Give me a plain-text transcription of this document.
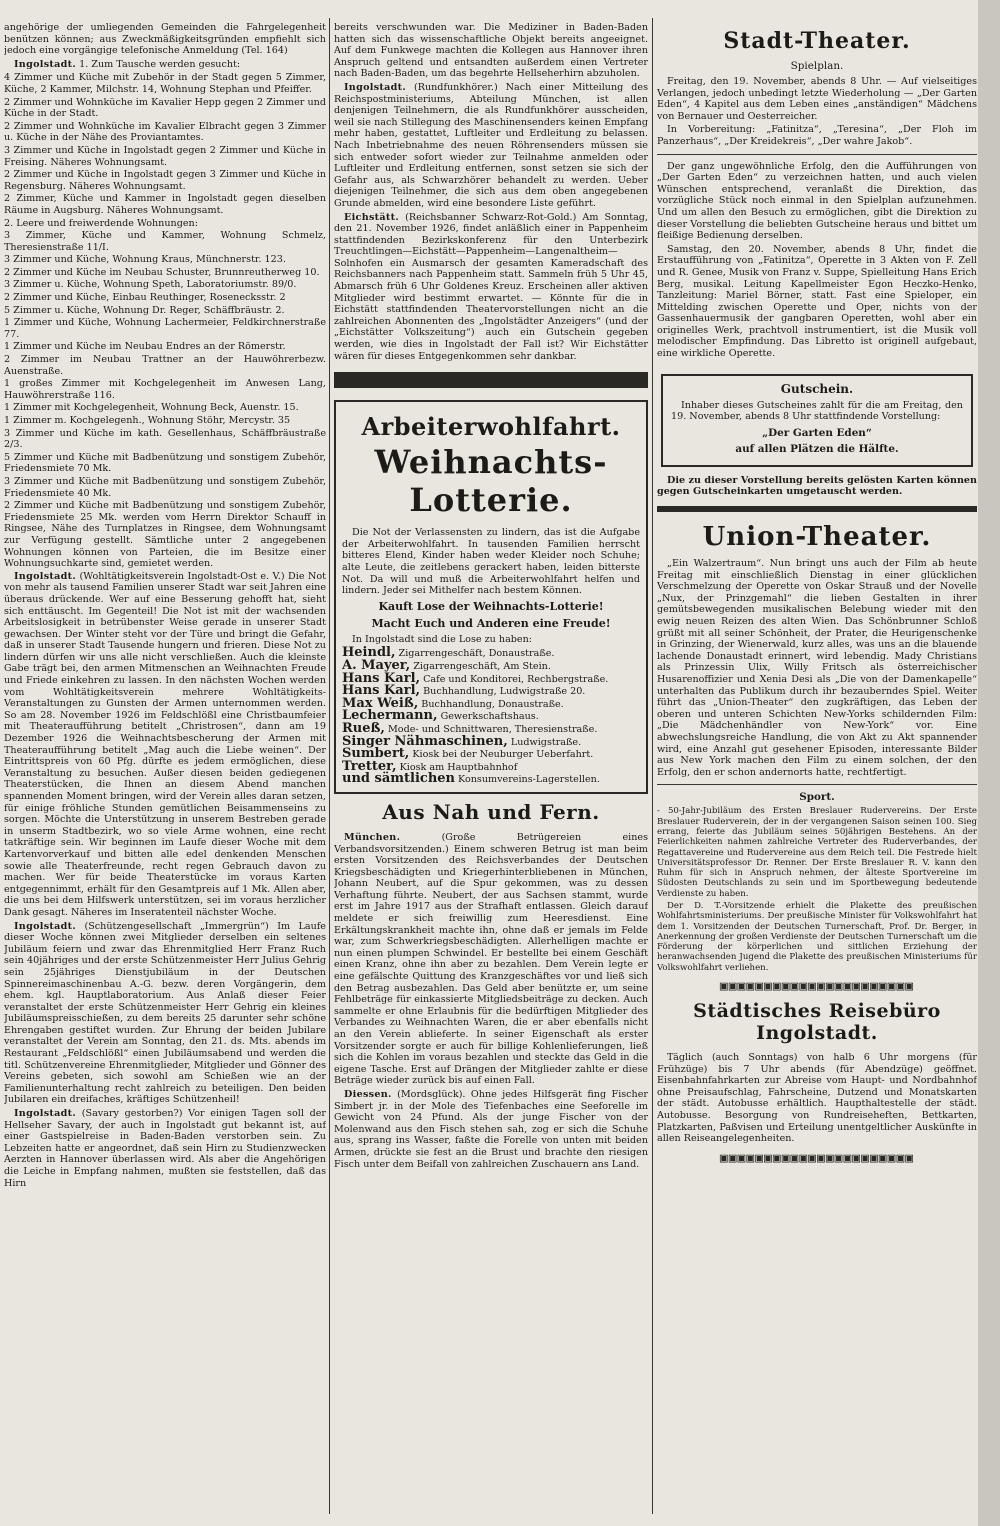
angehörige der umliegenden Gemeinden die Fahrgelegenheit benützen können; aus Zweckmäßigkeitsgründen empfiehlt sich jedoch eine vorgängige telefonische Anmeldung (Tel. 164)

Ingolstadt. 1. Zum Tausche werden gesucht:

4 Zimmer und Küche mit Zubehör in der Stadt gegen 5 Zimmer, Küche, 2 Kammer, Milchstr. 14, Wohnung Stephan und Pfeiffer.

2 Zimmer und Wohnküche im Kavalier Hepp gegen 2 Zimmer und Küche in der Stadt.

2 Zimmer und Wohnküche im Kavalier Elbracht gegen 3 Zimmer u. Küche in der Nähe des Proviantamtes.

3 Zimmer und Küche in Ingolstadt gegen 2 Zimmer und Küche in Freising. Näheres Wohnungsamt.

2 Zimmer und Küche in Ingolstadt gegen 3 Zimmer und Küche in Regensburg. Näheres Wohnungsamt.

2 Zimmer, Küche und Kammer in Ingolstadt gegen dieselben Räume in Augsburg. Näheres Wohnungsamt.

2. Leere und freiwerdende Wohnungen:

3 Zimmer, Küche und Kammer, Wohnung Schmelz, Theresienstraße 11/I.

3 Zimmer und Küche, Wohnung Kraus, Münchnerstr. 123.

2 Zimmer und Küche im Neubau Schuster, Brunnreutherweg 10.

3 Zimmer u. Küche, Wohnung Speth, Laboratoriumstr. 89/0.

2 Zimmer und Küche, Einbau Reuthinger, Rosenecksstr. 2

5 Zimmer u. Küche, Wohnung Dr. Reger, Schäffbräustr. 2.

1 Zimmer und Küche, Wohnung Lachermeier, Feldkirchnerstraße 77.

1 Zimmer und Küche im Neubau Endres an der Römerstr.

2 Zimmer im Neubau Trattner an der Hauwöhrerbezw. Auenstraße.

1 großes Zimmer mit Kochgelegenheit im Anwesen Lang, Hauwöhrerstraße 116.

1 Zimmer mit Kochgelegenheit, Wohnung Beck, Auenstr. 15.

1 Zimmer m. Kochgelegenh., Wohnung Stöhr, Mercystr. 35

3 Zimmer und Küche im kath. Gesellenhaus, Schäffbräustraße 2/3.

5 Zimmer und Küche mit Badbenützung und sonstigem Zubehör, Friedensmiete 70 Mk.

3 Zimmer und Küche mit Badbenützung und sonstigem Zubehör, Friedensmiete 40 Mk.

2 Zimmer und Küche mit Badbenützung und sonstigem Zubehör, Friedensmiete 25 Mk. werden vom Herrn Direktor Schauff in Ringsee, Nähe des Turnplatzes in Ringsee, dem Wohnungsamt zur Verfügung gestellt. Sämtliche unter 2 angegebenen Wohnungen können von Parteien, die im Besitze einer Wohnungsuchkarte sind, gemietet werden.

Ingolstadt. (Wohltätigkeitsverein Ingolstadt-Ost e. V.) Die Not von mehr als tausend Familien unserer Stadt war seit Jahren eine überaus drückende. Wer auf eine Besserung gehofft hat, sieht sich enttäuscht. Im Gegenteil! Die Not ist mit der wachsenden Arbeitslosigkeit in betrübenster Weise gerade in unserer Stadt gewachsen. Der Winter steht vor der Türe und bringt die Gefahr, daß in unserer Stadt Tausende hungern und frieren. Diese Not zu lindern dürfen wir uns alle nicht verschließen. Auch die kleinste Gabe trägt bei, den armen Mitmenschen an Weihnachten Freude und Friede einkehren zu lassen. In den nächsten Wochen werden vom Wohltätigkeitsverein mehrere Wohltätigkeits-Veranstaltungen zu Gunsten der Armen unternommen werden. So am 28. November 1926 im Feldschlößl eine Christbaumfeier mit Theateraufführung betitelt „Christrosen“, dann am 19 Dezember 1926 die Weihnachtsbescherung der Armen mit Theateraufführung betitelt „Mag auch die Liebe weinen“. Der Eintrittspreis von 60 Pfg. dürfte es jedem ermöglichen, diese Veranstaltung zu besuchen. Außer diesen beiden gediegenen Theaterstücken, die Ihnen an diesem Abend manchen spannenden Moment bringen, wird der Verein alles daran setzen, für einige fröhliche Stunden gemütlichen Beisammenseins zu sorgen. Möchte die Unterstützung in unserem Bestreben gerade in unserm Stadtbezirk, wo so viele Arme wohnen, eine recht tatkräftige sein. Wir beginnen im Laufe dieser Woche mit dem Kartenvorverkauf und bitten alle edel denkenden Menschen sowie alle Theaterfreunde, recht regen Gebrauch davon zu machen. Wer für beide Theaterstücke im voraus Karten entgegennimmt, erhält für den Gesamtpreis auf 1 Mk. Allen aber, die uns bei dem Hilfswerk unterstützen, sei im voraus herzlicher Dank gesagt. Näheres im Inseratenteil nächster Woche.

Ingolstadt. (Schützengesellschaft „Immergrün“) Im Laufe dieser Woche können zwei Mitglieder derselben ein seltenes Jubiläum feiern und zwar das Ehrenmitglied Herr Franz Ruch sein 40jähriges und der erste Schützenmeister Herr Julius Gehrig sein 25jähriges Dienstjubiläum in der Deutschen Spinnereimaschinenbau A.-G. bezw. deren Vorgängerin, dem ehem. kgl. Hauptlaboratorium. Aus Anlaß dieser Feier veranstaltet der erste Schützenmeister Herr Gehrig ein kleines Jubiläumspreisschießen, zu dem bereits 25 darunter sehr schöne Ehrengaben gestiftet wurden. Zur Ehrung der beiden Jubilare veranstaltet der Verein am Sonntag, den 21. ds. Mts. abends im Restaurant „Feldschlößl“ einen Jubiläumsabend und werden die titl. Schützenvereine Ehrenmitglieder, Mitglieder und Gönner des Vereins gebeten, sich sowohl am Schießen wie an der Familienunterhaltung recht zahlreich zu beteiligen. Den beiden Jubilaren ein dreifaches, kräftiges Schützenheil!

Ingolstadt. (Savary gestorben?) Vor einigen Tagen soll der Hellseher Savary, der auch in Ingolstadt gut bekannt ist, auf einer Gastspielreise in Baden-Baden verstorben sein. Zu Lebzeiten hatte er angeordnet, daß sein Hirn zu Studienzwecken Aerzten in Hannover überlassen wird. Als aber die Angehörigen die Leiche in Empfang nahmen, mußten sie feststellen, daß das Hirn

bereits verschwunden war. Die Mediziner in Baden-Baden hatten sich das wissenschaftliche Objekt bereits angeeignet. Auf dem Funkwege machten die Kollegen aus Hannover ihren Anspruch geltend und entsandten außerdem einen Vertreter nach Baden-Baden, um das begehrte Hellseherhirn abzuholen.

Ingolstadt. (Rundfunkhörer.) Nach einer Mitteilung des Reichspostministeriums, Abteilung München, ist allen denjenigen Teilnehmern, die als Rundfunkhörer ausscheiden, weil sie nach Stillegung des Maschinensenders keinen Empfang mehr haben, gestattet, Luftleiter und Erdleitung zu belassen. Nach Inbetriebnahme des neuen Röhrensenders müssen sie sich entweder sofort wieder zur Teilnahme anmelden oder Luftleiter und Erdleitung entfernen, sonst setzen sie sich der Gefahr aus, als Schwarzhörer behandelt zu werden. Ueber diejenigen Teilnehmer, die sich aus dem oben angegebenen Grunde abmelden, wird eine besondere Liste geführt.

Eichstätt. (Reichsbanner Schwarz-Rot-Gold.) Am Sonntag, den 21. November 1926, findet anläßlich einer in Pappenheim stattfindenden Bezirkskonferenz für den Unterbezirk Treuchtlingen—Eichstätt—Pappenheim—Langenaltheim—Solnhofen ein Ausmarsch der gesamten Kameradschaft des Reichsbanners nach Pappenheim statt. Sammeln früh 5 Uhr 45, Abmarsch früh 6 Uhr Goldenes Kreuz. Erscheinen aller aktiven Mitglieder wird bestimmt erwartet. — Könnte für die in Eichstätt stattfindenden Theatervorstellungen nicht an die zahlreichen Abonnenten des „Ingolstädter Anzeigers“ (und der „Eichstätter Volkszeitung“) auch ein Gutschein gegeben werden, wie dies in Ingolstadt der Fall ist? Wir Eichstätter wären für dieses Entgegenkommen sehr dankbar.

Arbeiterwohlfahrt.
Weihnachts-Lotterie.

Die Not der Verlassensten zu lindern, das ist die Aufgabe der Arbeiterwohlfahrt. In tausenden Familien herrscht bitteres Elend, Kinder haben weder Kleider noch Schuhe; alte Leute, die zeitlebens gerackert haben, leiden bitterste Not. Da will und muß die Arbeiterwohlfahrt helfen und lindern. Jeder sei Mithelfer nach bestem Können.

Kauft Lose der Weihnachts-Lotterie!
Macht Euch und Anderen eine Freude!

In Ingolstadt sind die Lose zu haben:

Heindl, Zigarrengeschäft, Donaustraße.

A. Mayer, Zigarrengeschäft, Am Stein.

Hans Karl, Cafe und Konditorei, Rechbergstraße.

Hans Karl, Buchhandlung, Ludwigstraße 20.

Max Weiß, Buchhandlung, Donaustraße.

Lechermann, Gewerkschaftshaus.

Rueß, Mode- und Schnittwaren, Theresienstraße.

Singer Nähmaschinen, Ludwigstraße.

Sumbert, Kiosk bei der Neuburger Ueberfahrt.

Tretter, Kiosk am Hauptbahnhof

und sämtlichen Konsumvereins-Lagerstellen.

Aus Nah und Fern.

München. (Große Betrügereien eines Verbandsvorsitzenden.) Einem schweren Betrug ist man beim ersten Vorsitzenden des Reichsverbandes der Deutschen Kriegsbeschädigten und Kriegerhinterbliebenen in München, Johann Neubert, auf die Spur gekommen, was zu dessen Verhaftung führte. Neubert, der aus Sachsen stammt, wurde erst im Jahre 1917 aus der Strafhaft entlassen. Gleich darauf meldete er sich freiwillig zum Heeresdienst. Eine Erkältungskrankheit machte ihn, ohne daß er jemals im Felde war, zum Schwerkriegsbeschädigten. Allerhelligen machte er nun einen plumpen Schwindel. Er bestellte bei einem Geschäft einen Kranz, ohne ihn aber zu bezahlen. Dem Verein legte er eine gefälschte Quittung des Kranzgeschäftes vor und ließ sich den Betrag ausbezahlen. Das Geld aber benützte er, um seine Fehlbeträge für einkassierte Mitgliedsbeiträge zu decken. Auch sammelte er ohne Erlaubnis für die bedürftigen Mitglieder des Verbandes zu Weihnachten Waren, die er aber ebenfalls nicht an den Verein ablieferte. In seiner Eigenschaft als erster Vorsitzender sorgte er auch für billige Kohlenlieferungen, ließ sich die Kohlen im voraus bezahlen und steckte das Geld in die eigene Tasche. Erst auf Drängen der Mitglieder zahlte er diese Beträge wieder zurück bis auf einen Fall.

Diessen. (Mordsglück). Ohne jedes Hilfsgerät fing Fischer Simbert jr. in der Mole des Tiefenbaches eine Seeforelle im Gewicht von 24 Pfund. Als der junge Fischer von der Molenwand aus den Fisch stehen sah, zog er sich die Schuhe aus, sprang ins Wasser, faßte die Forelle von unten mit beiden Armen, drückte sie fest an die Brust und brachte den riesigen Fisch unter dem Beifall von zahlreichen Zuschauern ans Land.

Stadt-Theater.
Spielplan.

Freitag, den 19. November, abends 8 Uhr. — Auf vielseitiges Verlangen, jedoch unbedingt letzte Wiederholung — „Der Garten Eden“, 4 Kapitel aus dem Leben eines „anständigen“ Mädchens von Bernauer und Oesterreicher.

In Vorbereitung: „Fatinitza“, „Teresina“, „Der Floh im Panzerhaus“, „Der Kreidekreis“, „Der wahre Jakob“.

Der ganz ungewöhnliche Erfolg, den die Aufführungen von „Der Garten Eden“ zu verzeichnen hatten, und auch vielen Wünschen entsprechend, veranlaßt die Direktion, das vorzügliche Stück noch einmal in den Spielplan aufzunehmen. Und um allen den Besuch zu ermöglichen, gibt die Direktion zu dieser Vorstellung die beliebten Gutscheine heraus und bittet um fleißige Bedienung derselben.

Samstag, den 20. November, abends 8 Uhr, findet die Erstaufführung von „Fatinitza“, Operette in 3 Akten von F. Zell und R. Genee, Musik von Franz v. Suppe, Spielleitung Hans Erich Berg, musikal. Leitung Kapellmeister Egon Heczko-Henko, Tanzleitung: Mariel Börner, statt. Fast eine Spieloper, ein Mittelding zwischen Operette und Oper, nichts von der Gassenhauermusik der gangbaren Operetten, wohl aber ein originelles Werk, prachtvoll instrumentiert, ist die Musik voll melodischer Empfindung. Das Libretto ist originell aufgebaut, eine wirkliche Operette.

Gutschein.

Inhaber dieses Gutscheines zahlt für die am Freitag, den 19. November, abends 8 Uhr stattfindende Vorstellung:

„Der Garten Eden“
auf allen Plätzen die Hälfte.

Die zu dieser Vorstellung bereits gelösten Karten können gegen Gutscheinkarten umgetauscht werden.

Union-Theater.

„Ein Walzertraum“. Nun bringt uns auch der Film ab heute Freitag mit einschließlich Dienstag in einer glücklichen Verschmelzung der Operette von Oskar Strauß und der Novelle „Nux, der Prinzgemahl“ die lieben Gestalten in ihrer gemütsbewegenden musikalischen Belebung wieder mit den ewig neuen Reizen des alten Wien. Das Schönbrunner Schloß grüßt mit all seiner Schönheit, der Prater, die Heurigenschenke in Grinzing, der Wienerwald, kurz alles, was uns an die blauende lachende Donaustadt erinnert, wird lebendig. Mady Christians als Prinzessin Ulix, Willy Fritsch als österreichischer Husarenoffizier und Xenia Desi als „Die von der Damenkapelle“ unterhalten das Publikum durch ihr bezauberndes Spiel. Weiter führt das „Union-Theater“ den zugkräftigen, das Leben der oberen und unteren Schichten New-Yorks schildernden Film: „Die Mädchenhändler von New-York“ vor. Eine abwechslungsreiche Handlung, die von Akt zu Akt spannender wird, eine Anzahl gut gesehener Episoden, interessante Bilder aus New York machen den Film zu einem solchen, der den Erfolg, den er schon andernorts hatte, rechtfertigt.

Sport.

- 50-Jahr-Jubiläum des Ersten Breslauer Rudervereins. Der Erste Breslauer Ruderverein, der in der vergangenen Saison seinen 100. Sieg errang, feierte das Jubiläum seines 50jährigen Bestehens. An der Feierlichkeiten nahmen zahlreiche Vertreter des Ruderverbandes, der Regattavereine und Rudervereine aus dem Reich teil. Die Festrede hielt Universitätsprofessor Dr. Renner. Der Erste Breslauer R. V. kann den Ruhm für sich in Anspruch nehmen, der älteste Sportvereine im Südosten Deutschlands zu sein und im Sportbewegung bedeutende Verdienste zu haben.

Der D. T.-Vorsitzende erhielt die Plakette des preußischen Wohlfahrtsministeriums. Der preußische Minister für Volkswohlfahrt hat dem 1. Vorsitzenden der Deutschen Turnerschaft, Prof. Dr. Berger, in Anerkennung der großen Verdienste der Deutschen Turnerschaft um die Förderung der körperlichen und sittlichen Erziehung der heranwachsenden Jugend die Plakette des preußischen Ministeriums für Volkswohlfahrt verliehen.

▣▣▣▣▣▣▣▣▣▣▣▣▣▣▣▣▣▣▣▣▣▣
Städtisches Reisebüro Ingolstadt.

Täglich (auch Sonntags) von halb 6 Uhr morgens (für Frühzüge) bis 7 Uhr abends (für Abendzüge) geöffnet. Eisenbahnfahrkarten zur Abreise vom Haupt- und Nordbahnhof ohne Preisaufschlag, Fahrscheine, Dutzend und Monatskarten der städt. Autobusse erhältlich. Haupthaltestelle der städt. Autobusse. Besorgung von Rundreiseheften, Bettkarten, Platzkarten, Paßvisen und Erteilung unentgeltlicher Auskünfte in allen Reiseangelegenheiten.

▣▣▣▣▣▣▣▣▣▣▣▣▣▣▣▣▣▣▣▣▣▣
